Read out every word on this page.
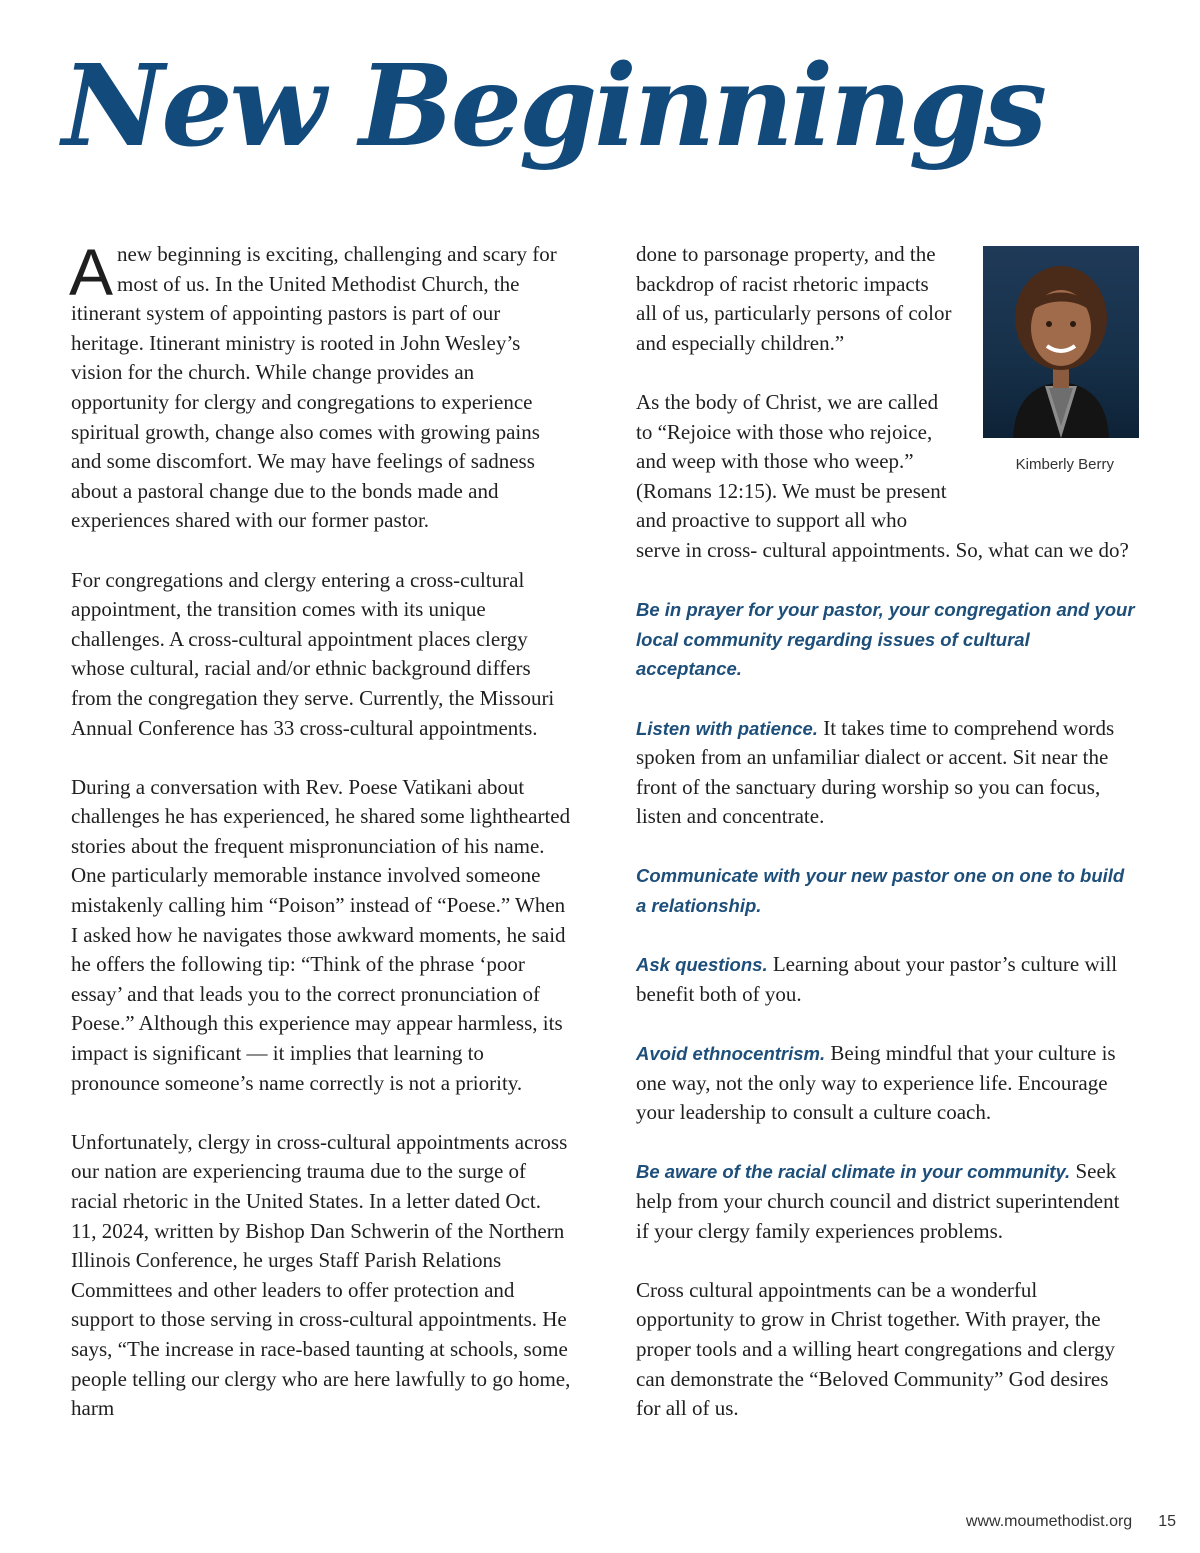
New Beginnings

Anew beginning is exciting, challenging and scary for most of us. In the United Methodist Church, the itinerant system of appointing pastors is part of our heritage. Itinerant ministry is rooted in John Wesley’s vision for the church. While change provides an opportunity for clergy and congregations to experience spiritual growth, change also comes with growing pains and some discomfort. We may have feelings of sadness about a pastoral change due to the bonds made and experiences shared with our former pastor.

For congregations and clergy entering a cross-cultural appointment, the transition comes with its unique challenges. A cross-cultural appointment places clergy whose cultural, racial and/or ethnic background differs from the congregation they serve. Currently, the Missouri Annual Conference has 33 cross-cultural appointments.

During a conversation with Rev. Poese Vatikani about challenges he has experienced, he shared some lighthearted stories about the frequent mispronunciation of his name. One particularly memorable instance involved someone mistakenly calling him “Poison” instead of “Poese.” When I asked how he navigates those awkward moments, he said he offers the following tip: “Think of the phrase ‘poor essay’ and that leads you to the correct pronunciation of Poese.” Although this experience may appear harmless, its impact is significant — it implies that learning to pronounce someone’s name correctly is not a priority.

Unfortunately, clergy in cross-cultural appointments across our nation are experiencing trauma due to the surge of racial rhetoric in the United States. In a letter dated Oct. 11, 2024, written by Bishop Dan Schwerin of the Northern Illinois Conference, he urges Staff Parish Relations Committees and other leaders to offer protection and support to those serving in cross-cultural appointments. He says, “The increase in race-based taunting at schools, some people telling our clergy who are here lawfully to go home, harm

Kimberly Berry

done to parsonage property, and the backdrop of racist rhetoric impacts all of us, particularly persons of color and especially children.”

As the body of Christ, we are called to “Rejoice with those who rejoice, and weep with those who weep.” (Romans 12:15). We must be present and proactive to support all who serve in cross- cultural appointments. So, what can we do?

Be in prayer for your pastor, your congregation and your local community regarding issues of cultural acceptance.

Listen with patience. It takes time to comprehend words spoken from an unfamiliar dialect or accent. Sit near the front of the sanctuary during worship so you can focus, listen and concentrate.

Communicate with your new pastor one on one to build a relationship.

Ask questions. Learning about your pastor’s culture will benefit both of you.

Avoid ethnocentrism. Being mindful that your culture is one way, not the only way to experience life. Encourage your leadership to consult a culture coach.

Be aware of the racial climate in your community. Seek help from your church council and district superintendent if your clergy family experiences problems.

Cross cultural appointments can be a wonderful opportunity to grow in Christ together. With prayer, the proper tools and a willing heart congregations and clergy can demonstrate the “Beloved Community” God desires for all of us.

www.moumethodist.org 15
